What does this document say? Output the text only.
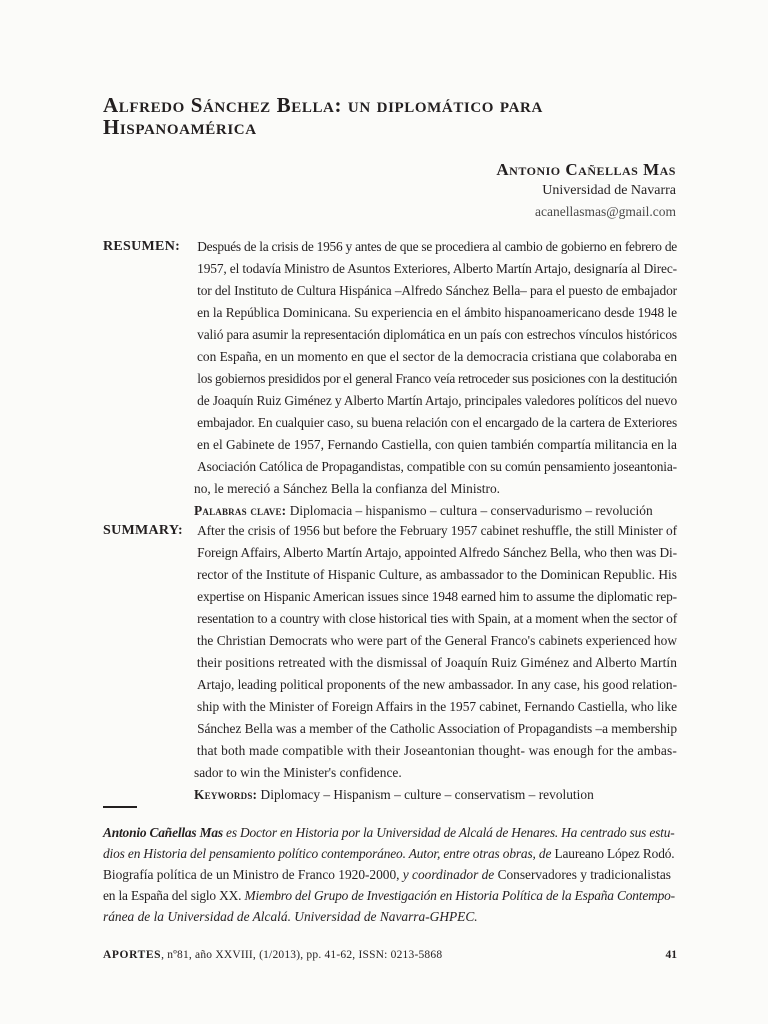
Alfredo Sánchez Bella: un diplomático para
Hispanoamérica
Antonio Cañellas Mas
Universidad de Navarra
acanellasmas@gmail.com
RESUMEN: Después de la crisis de 1956 y antes de que se procediera al cambio de gobierno en febrero de
1957, el todavía Ministro de Asuntos Exteriores, Alberto Martín Artajo, designaría al Direc-
tor del Instituto de Cultura Hispánica –Alfredo Sánchez Bella– para el puesto de embajador
en la República Dominicana. Su experiencia en el ámbito hispanoamericano desde 1948 le
valió para asumir la representación diplomática en un país con estrechos vínculos históricos
con España, en un momento en que el sector de la democracia cristiana que colaboraba en
los gobiernos presididos por el general Franco veía retroceder sus posiciones con la destitución
de Joaquín Ruiz Giménez y Alberto Martín Artajo, principales valedores políticos del nuevo
embajador. En cualquier caso, su buena relación con el encargado de la cartera de Exteriores
en el Gabinete de 1957, Fernando Castiella, con quien también compartía militancia en la
Asociación Católica de Propagandistas, compatible con su común pensamiento joseantonia-
no, le mereció a Sánchez Bella la confianza del Ministro.
Palabras clave: Diplomacia – hispanismo – cultura – conservadurismo – revolución
SUMMARY: After the crisis of 1956 but before the February 1957 cabinet reshuffle, the still Minister of
Foreign Affairs, Alberto Martín Artajo, appointed Alfredo Sánchez Bella, who then was Di-
rector of the Institute of Hispanic Culture, as ambassador to the Dominican Republic. His
expertise on Hispanic American issues since 1948 earned him to assume the diplomatic rep-
resentation to a country with close historical ties with Spain, at a moment when the sector of
the Christian Democrats who were part of the General Franco's cabinets experienced how
their positions retreated with the dismissal of Joaquín Ruiz Giménez and Alberto Martín
Artajo, leading political proponents of the new ambassador. In any case, his good relation-
ship with the Minister of Foreign Affairs in the 1957 cabinet, Fernando Castiella, who like
Sánchez Bella was a member of the Catholic Association of Propagandists –a membership
that both made compatible with their Joseantonian thought- was enough for the ambas-
sador to win the Minister's confidence.
Keywords: Diplomacy – Hispanism – culture – conservatism – revolution
Antonio Cañellas Mas es Doctor en Historia por la Universidad de Alcalá de Henares. Ha centrado sus estu-
dios en Historia del pensamiento político contemporáneo. Autor, entre otras obras, de Laureano López Rodó.
Biografía política de un Ministro de Franco 1920-2000, y coordinador de Conservadores y tradicionalistas
en la España del siglo XX. Miembro del Grupo de Investigación en Historia Política de la España Contempo-
ránea de la Universidad de Alcalá. Universidad de Navarra-GHPEC.
APORTES, nº81, año XXVIII, (1/2013), pp. 41-62, ISSN: 0213-5868	41
